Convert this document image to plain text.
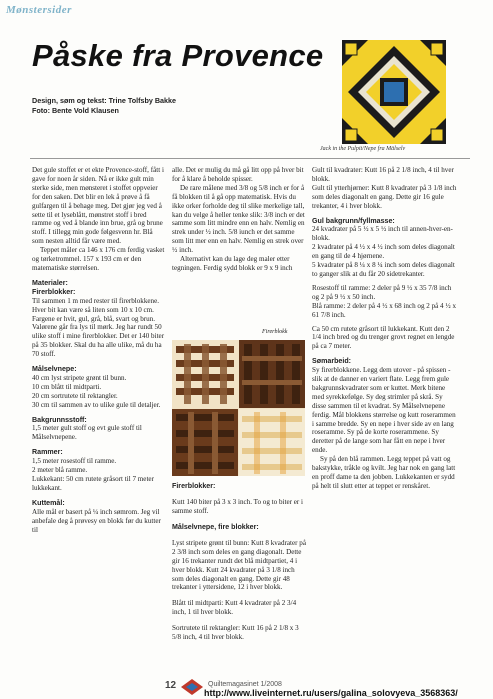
Mønstersider
Påske fra Provence
Design, søm og tekst: Trine Tolfsby Bakke
Foto: Bente Vold Klausen
Jack in the Pulpit/Nepe fra Mälselv

Det gule stoffet er et ekte Provence-stoff, fått i gave for noen år siden. Nå er ikke gult min sterke side, men mønsteret i stoffet oppveier for den saken. Det blir en lek å prøve å få gulfargen til å behage meg. Det gjør jeg ved å sette til et lyseblått, mønstret stoff i bred ramme og ved å blande inn brue, grå og brune stoff. I tillegg min gode følgesvenn hr. Blå som nesten alltid får være med.

Teppet måler ca 146 x 176 cm ferdig vasket og tørketrommel. 157 x 193 cm er den matematiske størrelsen.

Materialer:
Firerblokker:

Til sammen 1 m med rester til firerblokkene. Hver bit kan være så liten som 10 x 10 cm. Fargene er hvit, gul, grå, blå, svart og brun. Valørene går fra lys til mørk. Jeg har rundt 50 ulike stoff i mine firerblokker. Det er 140 biter på 35 blokker. Skal du ha alle ulike, må du ha 70 stoff.

Målselvnepe:

40 cm lyst stripete grønt til bunn.

10 cm blått til midtparti.

20 cm sortrutete til rektangler.

30 cm til sammen av to ulike gule til detaljer.

Bakgrunnsstoff:

1,5 meter gult stoff og evt gule stoff til Målselvnepene.

Rammer:

1,5 meter rosestoff til ramme.

2 meter blå ramme.

Lukkekant: 50 cm rutete gråsort til 7 meter lukkekant.

Kuttemål:

Alle mål er basert på ¼ inch sømrom. Jeg vil anbefale deg å prøvesy en blokk før du kutter til

alle. Det er mulig du må gå litt opp på hver bit for å klare å beholde spisser.

De rare målene med 3/8 og 5/8 inch er for å få blokken til å gå opp matematisk. Hvis du ikke orker forholde deg til slike merkelige tall, kan du velge å heller tenke slik: 3/8 inch er det samme som litt mindre enn en halv. Nemlig en strek under ½ inch. 5/8 iunch er det samme som litt mer enn en halv. Nemlig en strek over ½ inch.

Alternativt kan du lage deg maler etter tegningen. Ferdig sydd blokk er 9 x 9 inch

Firerblokk
Firerblokker:

Kutt 140 biter på 3 x 3 inch. To og to biter er i samme stoff.

Målselvnepe, fire blokker:

Lyst stripete grønt til bunn: Kutt 8 kvadrater på 2 3/8 inch som deles en gang diagonalt. Dette gir 16 trekanter rundt det blå midtpartiet, 4 i hver blokk. Kutt 24 kvadrater på 3 1/8 inch som deles diagonalt en gang. Dette gir 48 trekanter i yttersidene, 12 i hver blokk.

Blått til midtparti: Kutt 4 kvadrater på 2 3/4 inch, 1 til hver blokk.

Sortrutete til rektangler: Kutt 16 på 2 1/8 x 3 5/8 inch, 4 til hver blokk.

Gult til kvadrater: Kutt 16 på 2 1/8 inch, 4 til hver blokk.

Gult til ytterhjørner: Kutt 8 kvadrater på 3 1/8 inch som deles diagonalt en gang. Dette gir 16 gule trekanter, 4 i hver blokk.

Gul bakgrunn/fyllmasse:

24 kvadrater på 5 ½ x 5 ½ inch til annen-hver-en-blokk.

2 kvadrater på 4 ½ x 4 ½ inch som deles diagonalt en gang til de 4 hjørnene.

5 kvadrater på 8 ¼ x 8 ¼ inch som deles diagonalt to ganger slik at du får 20 sidetrekanter.

Rosestoff til ramme: 2 deler på 9 ½ x 35 7/8 inch og 2 på 9 ½ x 50 inch.

Blå ramme: 2 deler på 4 ½ x 68 inch og 2 på 4 ½ x 61 7/8 inch.

Ca 50 cm rutete gråsort til lukkekant. Kutt den 2 1/4 inch bred og du trenger grovt regnet en lengde på ca 7 meter.

Sømarbeid:

Sy firerblokkene. Legg dem utover - på spissen - slik at de danner en variert flate. Legg frem gule bakgrunnskvadrater som er kuttet. Merk bitene med syrekkefølge. Sy deg strimler på skrå. Sy disse sammen til et kvadrat. Sy Målselvnepene ferdig. Mål blokkens størrelse og kutt roserammen i samme bredde. Sy en nepe i hver side av en lang roseramme. Sy på de korte roserammene. Sy deretter på de lange som har fått en nepe i hver ende.

Sy på den blå rammen. Legg teppet på vatt og bakstykke, tråkle og kvilt. Jeg har nok en gang latt en proff dame ta den jobben. Lukkekanten er sydd på helt til slutt etter at teppet er renskåret.

12	Quiltemagasinet 1/2008
http://www.liveinternet.ru/users/galina_solovyeva_3568363/
